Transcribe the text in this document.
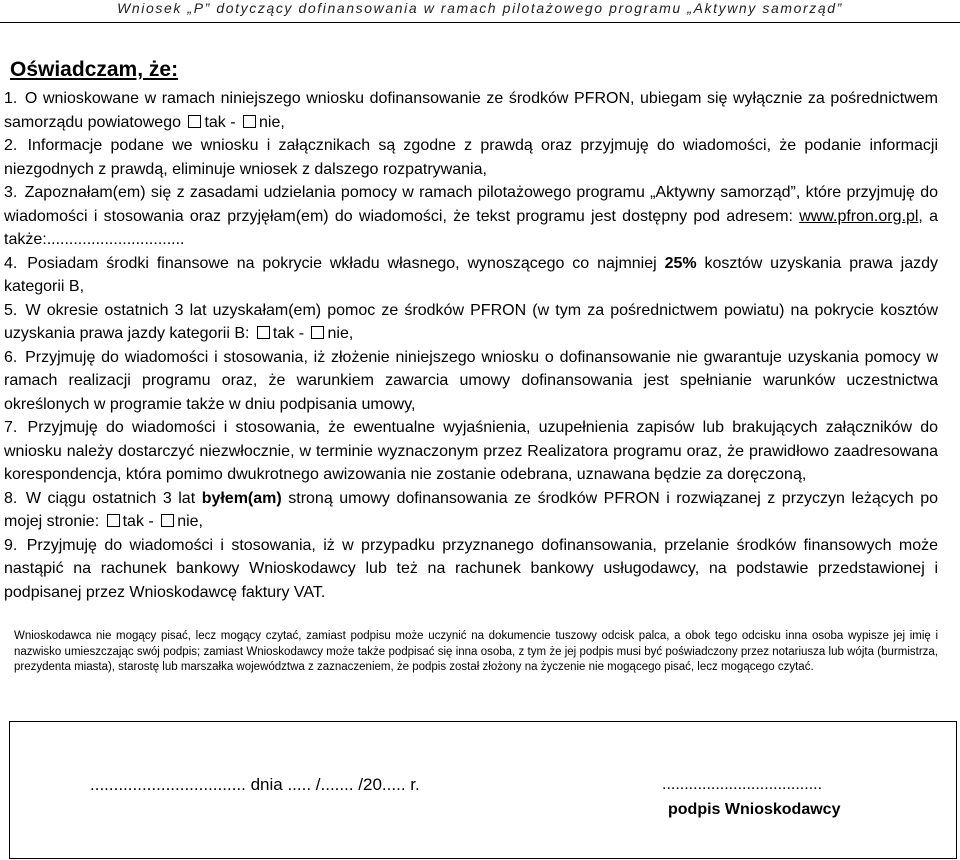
Wniosek „P” dotyczący dofinansowania w ramach pilotażowego programu „Aktywny samorząd”
Oświadczam, że:
1. O wnioskowane w ramach niniejszego wniosku dofinansowanie ze środków PFRON, ubiegam się wyłącznie za pośrednictwem samorządu powiatowego tak - nie,
2. Informacje podane we wniosku i załącznikach są zgodne z prawdą oraz przyjmuję do wiadomości, że podanie informacji niezgodnych z prawdą, eliminuje wniosek z dalszego rozpatrywania,
3. Zapoznałam(em) się z zasadami udzielania pomocy w ramach pilotażowego programu „Aktywny samorząd”, które przyjmuję do wiadomości i stosowania oraz przyjęłam(em) do wiadomości, że tekst programu jest dostępny pod adresem: www.pfron.org.pl, a także:...............................
4. Posiadam środki finansowe na pokrycie wkładu własnego, wynoszącego co najmniej 25% kosztów uzyskania prawa jazdy kategorii B,
5. W okresie ostatnich 3 lat uzyskałam(em) pomoc ze środków PFRON (w tym za pośrednictwem powiatu) na pokrycie kosztów uzyskania prawa jazdy kategorii B: tak - nie,
6. Przyjmuję do wiadomości i stosowania, iż złożenie niniejszego wniosku o dofinansowanie nie gwarantuje uzyskania pomocy w ramach realizacji programu oraz, że warunkiem zawarcia umowy dofinansowania jest spełnianie warunków uczestnictwa określonych w programie także w dniu podpisania umowy,
7. Przyjmuję do wiadomości i stosowania, że ewentualne wyjaśnienia, uzupełnienia zapisów lub brakujących załączników do wniosku należy dostarczyć niezwłocznie, w terminie wyznaczonym przez Realizatora programu oraz, że prawidłowo zaadresowana korespondencja, która pomimo dwukrotnego awizowania nie zostanie odebrana, uznawana będzie za doręczoną,
8. W ciągu ostatnich 3 lat byłem(am) stroną umowy dofinansowania ze środków PFRON i rozwiązanej z przyczyn leżących po mojej stronie: tak - nie,
9. Przyjmuję do wiadomości i stosowania, iż w przypadku przyznanego dofinansowania, przelanie środków finansowych może nastąpić na rachunek bankowy Wnioskodawcy lub też na rachunek bankowy usługodawcy, na podstawie przedstawionej i podpisanej przez Wnioskodawcę faktury VAT.
Wnioskodawca nie mogący pisać, lecz mogący czytać, zamiast podpisu może uczynić na dokumencie tuszowy odcisk palca, a obok tego odcisku inna osoba wypisze jej imię i nazwisko umieszczając swój podpis; zamiast Wnioskodawcy może także podpisać się inna osoba, z tym że jej podpis musi być poświadczony przez notariusza lub wójta (burmistrza, prezydenta miasta), starostę lub marszałka województwa z zaznaczeniem, że podpis został złożony na życzenie nie mogącego pisać, lecz mogącego czytać.
................................. dnia ..... /....... /20..... r.	....................................
podpis Wnioskodawcy
